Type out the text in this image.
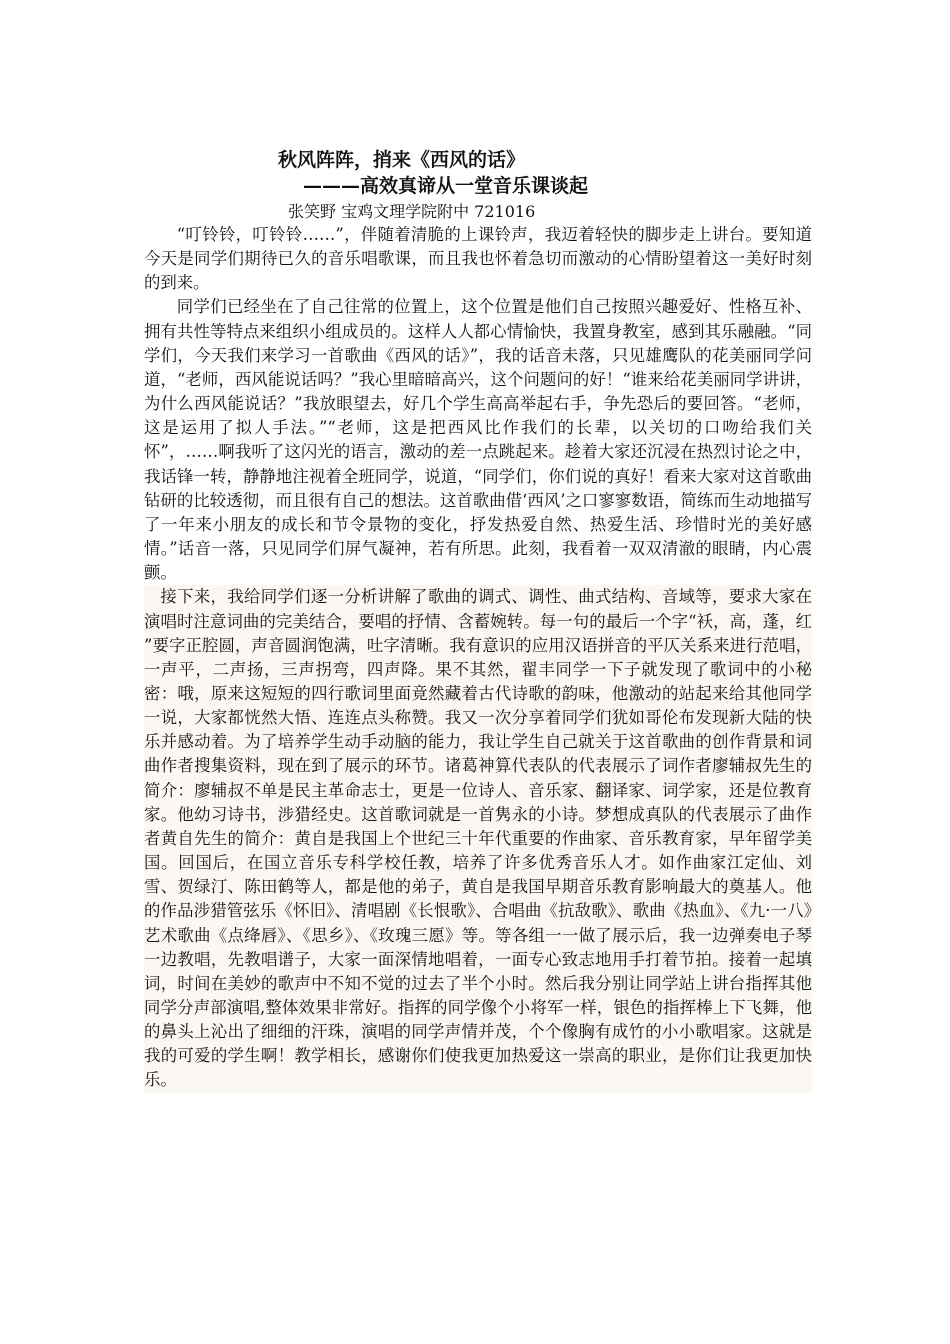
秋风阵阵，捎来《西风的话》
———高效真谛从一堂音乐课谈起
张笑野 宝鸡文理学院附中 721016

“叮铃铃，叮铃铃……”，伴随着清脆的上课铃声，我迈着轻快的脚步走上讲台。要知道今天是同学们期待已久的音乐唱歌课，而且我也怀着急切而激动的心情盼望着这一美好时刻的到来。

同学们已经坐在了自己往常的位置上，这个位置是他们自己按照兴趣爱好、性格互补、拥有共性等特点来组织小组成员的。这样人人都心情愉快，我置身教室，感到其乐融融。“同学们，今天我们来学习一首歌曲《西风的话》”，我的话音未落，只见雄鹰队的花美丽同学问道，“老师，西风能说话吗？”我心里暗暗高兴，这个问题问的好！“谁来给花美丽同学讲讲，为什么西风能说话？”我放眼望去，好几个学生高高举起右手，争先恐后的要回答。“老师，这是运用了拟人手法。”“老师，这是把西风比作我们的长辈，以关切的口吻给我们关怀”，……啊我听了这闪光的语言，激动的差一点跳起来。趁着大家还沉浸在热烈讨论之中，我话锋一转，静静地注视着全班同学，说道，“同学们，你们说的真好！看来大家对这首歌曲钻研的比较透彻，而且很有自己的想法。这首歌曲借‘西风’之口寥寥数语，简练而生动地描写了一年来小朋友的成长和节令景物的变化，抒发热爱自然、热爱生活、珍惜时光的美好感情。”话音一落，只见同学们屏气凝神，若有所思。此刻，我看着一双双清澈的眼睛，内心震颤。

接下来，我给同学们逐一分析讲解了歌曲的调式、调性、曲式结构、音域等，要求大家在演唱时注意词曲的完美结合，要唱的抒情、含蓄婉转。每一句的最后一个字“袄，高，蓬，红 ”要字正腔圆，声音圆润饱满，吐字清晰。我有意识的应用汉语拼音的平仄关系来进行范唱，一声平，二声扬，三声拐弯，四声降。果不其然，翟丰同学一下子就发现了歌词中的小秘密：哦，原来这短短的四行歌词里面竟然藏着古代诗歌的韵味，他激动的站起来给其他同学一说，大家都恍然大悟、连连点头称赞。我又一次分享着同学们犹如哥伦布发现新大陆的快乐并感动着。为了培养学生动手动脑的能力，我让学生自己就关于这首歌曲的创作背景和词曲作者搜集资料，现在到了展示的环节。诸葛神算代表队的代表展示了词作者廖辅叔先生的简介：廖辅叔不单是民主革命志士，更是一位诗人、音乐家、翻译家、词学家，还是位教育家。他幼习诗书，涉猎经史。这首歌词就是一首隽永的小诗。梦想成真队的代表展示了曲作者黄自先生的简介：黄自是我国上个世纪三十年代重要的作曲家、音乐教育家，早年留学美国。回国后，在国立音乐专科学校任教，培养了许多优秀音乐人才。如作曲家江定仙、刘雪、贺绿汀、陈田鹤等人，都是他的弟子，黄自是我国早期音乐教育影响最大的奠基人。他的作品涉猎管弦乐《怀旧》、清唱剧《长恨歌》、合唱曲《抗敌歌》、歌曲《热血》、《九·一八》艺术歌曲《点绛唇》、《思乡》、《玫瑰三愿》等。等各组一一做了展示后，我一边弹奏电子琴一边教唱，先教唱谱子，大家一面深情地唱着，一面专心致志地用手打着节拍。接着一起填词，时间在美妙的歌声中不知不觉的过去了半个小时。然后我分别让同学站上讲台指挥其他同学分声部演唱,整体效果非常好。指挥的同学像个小将军一样，银色的指挥棒上下飞舞，他的鼻头上沁出了细细的汗珠，演唱的同学声情并茂，个个像胸有成竹的小小歌唱家。这就是我的可爱的学生啊！教学相长，感谢你们使我更加热爱这一崇高的职业，是你们让我更加快乐。
